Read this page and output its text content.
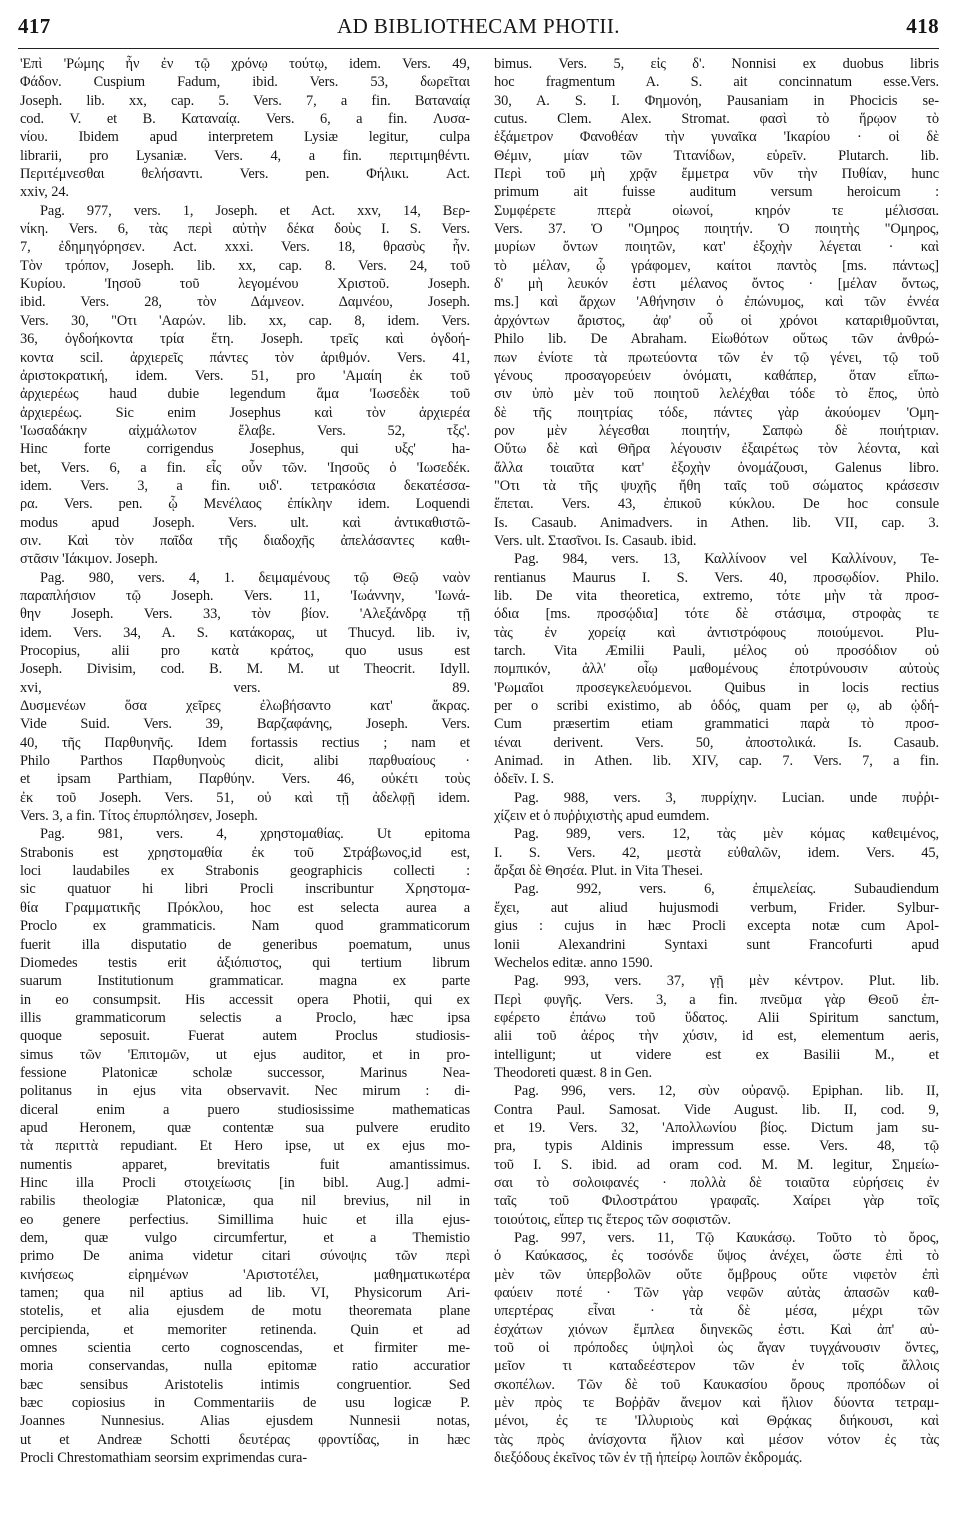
417	AD BIBLIOTHECAM PHOTII.	418
'Επὶ 'Ρώμης ἦν ἐν τῷ χρόνῳ τούτῳ, idem. Vers. 49,
Φάδον. Cuspium Fadum, ibid. Vers. 53, δωρεῖται
Joseph. lib. xx, cap. 5. Vers. 7, a fin. Βαταναίᾳ
cod. V. et B. Καταναίᾳ. Vers. 6, a fin. Λυσα-
νίου. Ibidem apud interpretem Lysiæ legitur, culpa
librarii, pro Lysaniæ. Vers. 4, a fin. περιτιμηθέντι.
Περιτέμνεσθαι θελήσαντι. Vers. pen. Φήλικι. Act.
xxiv, 24.
Pag. 977, vers. 1, Joseph. et Act. xxv, 14, Βερ-
νίκη. Vers. 6, τὰς περὶ αὐτὴν δέκα δοὺς I. S. Vers.
7, ἐδημηγόρησεν. Act. xxxi. Vers. 18, θρασὺς ἦν.
Τὸν τρόπον, Joseph. lib. xx, cap. 8. Vers. 24, τοῦ
Κυρίου. 'Ιησοῦ τοῦ λεγομένου Χριστοῦ. Joseph.
ibid. Vers. 28, τὸν Δάμνεον. Δαμνέου, Joseph.
Vers. 30, "Οτι 'Ααρών. lib. xx, cap. 8, idem. Vers.
36, ὀγδοήκοντα τρία ἔτη. Joseph. τρεῖς καὶ ὀγδοή-
κοντα scil. ἀρχιερεῖς πάντες τὸν ἀριθμόν. Vers. 41,
ἀριστοκρατική, idem. Vers. 51, pro 'Αμαίη ἐκ τοῦ
ἀρχιερέως haud dubie legendum ἅμα 'Ιωσεδὲκ τοῦ
ἀρχιερέως. Sic enim Josephus καὶ τὸν ἀρχιερέα
'Ιωσαδάκην αἰχμάλωτον ἔλαβε. Vers. 52, τξς'.
Hinc forte corrigendus Josephus, qui υξς' ha-
bet, Vers. 6, a fin. εἷς οὖν τῶν. 'Ιησοῦς ὁ 'Ιωσεδέκ.
idem. Vers. 3, a fin. υιδ'. τετρακόσια δεκατέσσα-
ρα. Vers. pen. ᾧ Μενέλαος ἐπίκλην idem. Loquendi
modus apud Joseph. Vers. ult. καὶ ἀντικαθιστῶ-
σιν. Καὶ τὸν παῖδα τῆς διαδοχῆς ἀπελάσαντες καθι-
στᾶσιν 'Ιάκιμον. Joseph.
Pag. 980, vers. 4, 1. δειμαμένους τῷ Θεῷ ναὸν
παραπλήσιον τῷ Joseph. Vers. 11, 'Ιωάννην, 'Ιωνά-
θην Joseph. Vers. 33, τὸν βίον. 'Αλεξάνδρᾳ τῇ
idem. Vers. 34, A. S. κατάκορας, ut Thucyd. lib. iv,
Procopius, alii pro κατὰ κράτος, quo usus est
Joseph. Divisim, cod. B. M. M. ut Theocrit. Idyll.
xvi, vers. 89.
Δυσμενέων ὅσα χεῖρες ἐλωβήσαντο κατ' ἄκρας.
Vide Suid. Vers. 39, Βαρζαφάνης, Joseph. Vers.
40, τῆς Παρθυηνῆς. Idem fortassis rectius ; nam et
Philo Parthos Παρθυηνοὺς dicit, alibi παρθυαίους ·
et ipsam Parthiam, Παρθύην. Vers. 46, οὐκέτι τοὺς
ἐκ τοῦ Joseph. Vers. 51, οὐ καὶ τῇ ἀδελφῇ idem.
Vers. 3, a fin. Τίτος ἐπυρπόλησεν, Joseph.
Pag. 981, vers. 4, χρηστομαθίας. Ut epitoma
Strabonis est χρηστομαθία ἐκ τοῦ Στράβωνος,id est,
loci laudabiles ex Strabonis geographicis collecti :
sic quatuor hi libri Procli inscribuntur Χρηστομα-
θία Γραμματικῆς Πρόκλου, hoc est selecta aurea a
Proclo ex grammaticis. Nam quod grammaticorum
fuerit illa disputatio de generibus poematum, unus
Diomedes testis erit ἀξιόπιστος, qui tertium librum
suarum Institutionum grammaticar. magna ex parte
in eo consumpsit. His accessit opera Photii, qui ex
illis grammaticorum selectis a Proclo, hæc ipsa
quoque seposuit. Fuerat autem Proclus studiosis-
simus τῶν 'Επιτομῶν, ut ejus auditor, et in pro-
fessione Platonicæ scholæ successor, Marinus Nea-
politanus in ejus vita observavit. Nec mirum : di-
diceral enim a puero studiosissime mathematicas
apud Heronem, quæ contentæ sua pulvere erudito
τὰ περιττὰ repudiant. Et Hero ipse, ut ex ejus mo-
numentis apparet, brevitatis fuit amantissimus.
Hinc illa Procli στοιχείωσις [in bibl. Aug.] admi-
rabilis theologiæ Platonicæ, qua nil brevius, nil in
eo genere perfectius. Simillima huic et illa ejus-
dem, quæ vulgo circumfertur, et a Themistio
primo De anima videtur citari σύνοψις τῶν περὶ
κινήσεως εἰρημένων 'Αριστοτέλει, μαθηματικωτέρα
tamen; qua nil aptius ad lib. VI, Physicorum Ari-
stotelis, et alia ejusdem de motu theoremata plane
percipienda, et memoriter retinenda. Quin et ad
omnes scientia certo cognoscendas, et firmiter me-
moria conservandas, nulla epitomæ ratio accuratior
bæc sensibus Aristotelis intimis congruentior. Sed
bæc copiosius in Commentariis de usu logicæ P.
Joannes Nunnesius. Alias ejusdem Nunnesii notas,
ut et Andreæ Schotti δευτέρας φροντίδας, in hæc
Procli Chrestomathiam seorsim exprimendas cura-
bimus. Vers. 5, εἰς δ'. Nonnisi ex duobus libris
hoc fragmentum A. S. ait concinnatum esse.Vers.
30, A. S. I. Φημονόη, Pausaniam in Phocicis se-
cutus. Clem. Alex. Stromat. φασὶ τὸ ἥρῳον τὸ
ἑξάμετρον Φανοθέαν τὴν γυναῖκα 'Ικαρίου · οἱ δὲ
Θέμιν, μίαν τῶν Τιτανίδων, εὑρεῖν. Plutarch. lib.
Περὶ τοῦ μὴ χρᾷν ἔμμετρα νῦν τὴν Πυθίαν, hunc
primum ait fuisse auditum versum heroicum :
Συμφέρετε πτερὰ οἰωνοί, κηρόν τε μέλισσαι.
Vers. 37. Ὁ "Ομηρος ποιητήν. Ὁ ποιητὴς "Ομηρος,
μυρίων ὄντων ποιητῶν, κατ' ἐξοχὴν λέγεται · καὶ
τὸ μέλαν, ᾧ γράφομεν, καίτοι παντὸς [ms. πάντως]
δ' μὴ λευκόν ἐστι μέλανος ὄντος · [μέλαν ὄντως,
ms.] καὶ ἄρχων 'Αθήνησιν ὁ ἐπώνυμος, καὶ τῶν ἐννέα
ἀρχόντων ἄριστος, ἀφ' οὗ οἱ χρόνοι καταριθμοῦνται,
Philo lib. De Abraham. Εἰωθότων οὕτως τῶν ἀνθρώ-
πων ἐνίοτε τὰ πρωτεύοντα τῶν ἐν τῷ γένει, τῷ τοῦ
γένους προσαγορεύειν ὀνόματι, καθάπερ, ὅταν εἴπω-
σιν ὑπὸ μὲν τοῦ ποιητοῦ λελέχθαι τόδε τὸ ἔπος, ὑπὸ
δὲ τῆς ποιητρίας τόδε, πάντες γὰρ ἀκούομεν 'Ομη-
ρον μὲν λέγεσθαι ποιητήν, Σαπφὼ δὲ ποιήτριαν.
Οὕτω δὲ καὶ Θῆρα λέγουσιν ἐξαιρέτως τὸν λέοντα, καὶ
ἄλλα τοιαῦτα κατ' ἐξοχὴν ὀνομάζουσι, Galenus libro.
"Οτι τὰ τῆς ψυχῆς ἤθη ταῖς τοῦ σώματος κράσεσιν
ἕπεται. Vers. 43, ἐπικοῦ κύκλου. De hoc consule
Is. Casaub. Animadvers. in Athen. lib. VII, cap. 3.
Vers. ult. Στασῖνοι. Is. Casaub. ibid.
Pag. 984, vers. 13, Καλλίνοον vel Καλλίνουν, Te-
rentianus Maurus I. S. Vers. 40, προσῳδίον. Philo.
lib. De vita theoretica, extremo, τότε μὴν τὰ προσ-
όδια [ms. προσῴδια] τότε δὲ στάσιμα, στροφὰς τε
τὰς ἐν χορείᾳ καὶ ἀντιστρόφους ποιούμενοι. Plu-
tarch. Vita Æmilii Pauli, μέλος οὐ προσόδιον οὐ
πομπικόν, ἀλλ' οἷῳ μαθομένους ἐποτρύνουσιν αὐτοὺς
'Ρωμαῖοι προσεγκελευόμενοι. Quibus in locis rectius
per o scribi existimo, ab ὁδός, quam per ῳ, ab ᾠδή-
Cum præsertim etiam grammatici παρὰ τὸ προσ-
ιέναι derivent. Vers. 50, ἀποστολικά. Is. Casaub.
Animad. in Athen. lib. XIV, cap. 7. Vers. 7, a fin.
ὁδεῖν. I. S.
Pag. 988, vers. 3, πυρρίχην. Lucian. unde πυῤῥι-
χίζειν et ὁ πυῤῥιχιστὴς apud eumdem.
Pag. 989, vers. 12, τὰς μὲν κόμας καθειμένος,
I. S. Vers. 42, μεστὰ εὐθαλῶν, idem. Vers. 45,
ἄρξαι δὲ Θησέα. Plut. in Vita Thesei.
Pag. 992, vers. 6, ἐπιμελείας. Subaudiendum
ἔχει, aut aliud hujusmodi verbum, Frider. Sylbur-
gius : cujus in hæc Procli excepta notæ cum Apol-
lonii Alexandrini Syntaxi sunt Francofurti apud
Wechelos editæ. anno 1590.
Pag. 993, vers. 37, γῇ μὲν κέντρον. Plut. lib.
Περὶ φυγῆς. Vers. 3, a fin. πνεῦμα γὰρ Θεοῦ ἐπ-
εφέρετο ἐπάνω τοῦ ὕδατος. Alii Spiritum sanctum,
alii τοῦ ἀέρος τὴν χύσιν, id est, elementum aeris,
intelligunt; ut videre est ex Basilii M., et
Theodoreti quæst. 8 in Gen.
Pag. 996, vers. 12, σὺν οὐρανῷ. Epiphan. lib. II,
Contra Paul. Samosat. Vide August. lib. II, cod. 9,
et 19. Vers. 32, 'Απολλωνίου βίος. Dictum jam su-
pra, typis Aldinis impressum esse. Vers. 48, τῷ
τοῦ I. S. ibid. ad oram cod. M. M. legitur, Σημείω-
σαι τὸ σολοιφανές · πολλὰ δὲ τοιαῦτα εὑρήσεις ἐν
ταῖς τοῦ Φιλοστράτου γραφαῖς. Χαίρει γὰρ τοῖς
τοιούτοις, εἴπερ τις ἕτερος τῶν σοφιστῶν.
Pag. 997, vers. 11, Τῷ Καυκάσῳ. Τοῦτο τὸ ὄρος,
ὁ Καύκασος, ἐς τοσόνδε ὕψος ἀνέχει, ὥστε ἐπὶ τὸ
μὲν τῶν ὑπερβολῶν οὔτε ὄμβρους οὔτε νιφετὸν ἐπὶ
φαύειν ποτέ · Τῶν γὰρ νεφῶν αὐτὰς ἁπασῶν καθ-
υπερτέρας εἶναι · τὰ δὲ μέσα, μέχρι τῶν
ἐσχάτων χιόνων ἔμπλεα διηνεκῶς ἐστι. Καὶ ἀπ' αὐ-
τοῦ οἱ πρόποδες ὑψηλοὶ ὡς ἄγαν τυγχάνουσιν ὄντες,
μεῖον τι καταδεέστερον τῶν ἐν τοῖς ἄλλοις
σκοπέλων. Τῶν δὲ τοῦ Καυκασίου ὄρους προπόδων οἱ
μὲν πρὸς τε Βοῤῥᾶν ἄνεμον καὶ ἥλιον δύοντα τετραμ-
μένοι, ἐς τε 'Ιλλυριοὺς καὶ Θρᾴκας διήκουσι, καὶ
τὰς πρὸς ἀνίσχοντα ἥλιον καὶ μέσον νότον ἐς τὰς
διεξόδους ἐκεῖνος τῶν ἐν τῇ ἠπείρῳ λοιπῶν ἐκδρομάς.
